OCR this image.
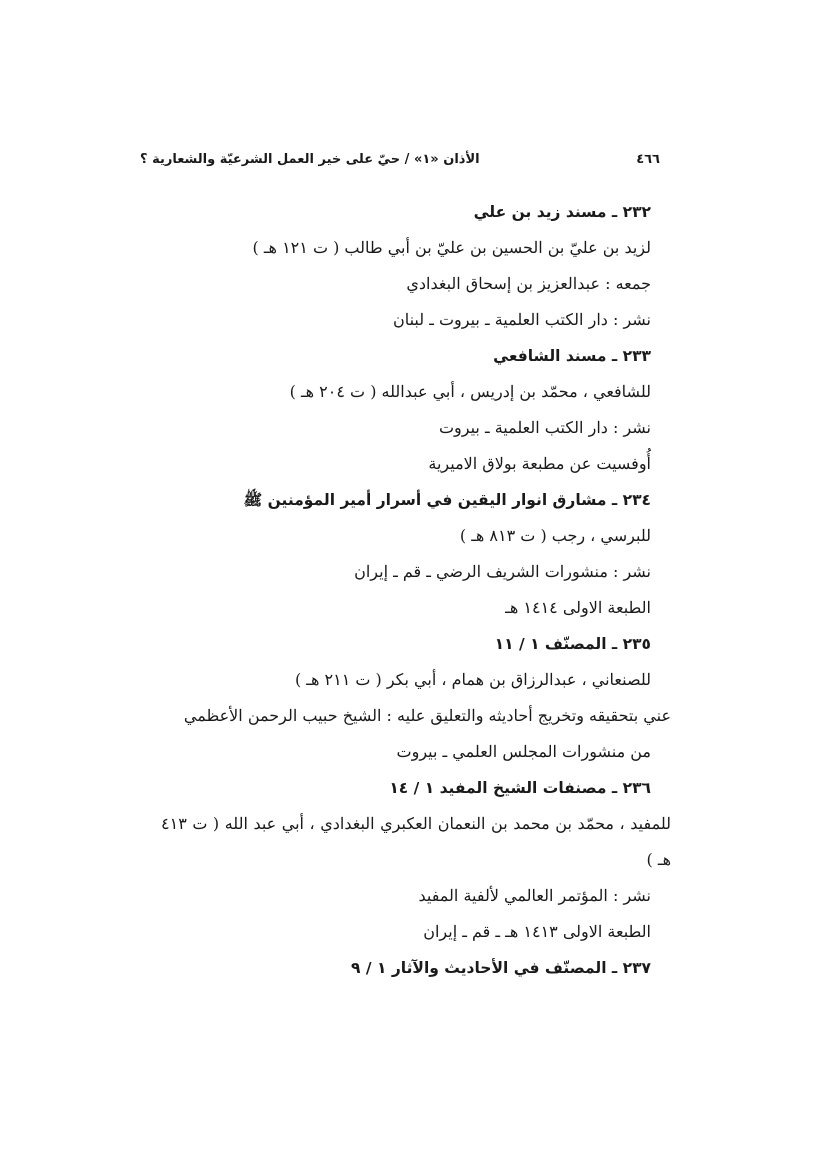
٤٦٦
الأذان «١» / حيّ على خير العمل الشرعيّة والشعارية ؟
٢٣٢ ـ مسند زيد بن علي
لزيد بن عليّ بن الحسين بن عليّ بن أبي طالب ( ت ١٢١ هـ )
جمعه : عبدالعزيز بن إسحاق البغدادي
نشر : دار الكتب العلمية ـ بيروت ـ لبنان
٢٣٣ ـ مسند الشافعي
للشافعي ، محمّد بن إدريس ، أبي عبدالله ( ت ٢٠٤ هـ )
نشر : دار الكتب العلمية ـ بيروت
أُوفسيت عن مطبعة بولاق الاميرية
٢٣٤ ـ مشارق انوار اليقين في أسرار أمير المؤمنين ﷺ
للبرسي ، رجب ( ت ٨١٣ هـ )
نشر : منشورات الشريف الرضي ـ قم ـ إيران
الطبعة الاولى ١٤١٤ هـ
٢٣٥ ـ المصنّف ١ / ١١
للصنعاني ، عبدالرزاق بن همام ، أبي بكر ( ت ٢١١ هـ )
عني بتحقيقه وتخريج أحاديثه والتعليق عليه : الشيخ حبيب الرحمن الأعظمي
من منشورات المجلس العلمي ـ بيروت
٢٣٦ ـ مصنفات الشيخ المفيد ١ / ١٤
للمفيد ، محمّد بن محمد بن النعمان العكبري البغدادي ، أبي عبد الله ( ت ٤١٣ هـ )
نشر : المؤتمر العالمي لألفية المفيد
الطبعة الاولى ١٤١٣ هـ ـ قم ـ إيران
٢٣٧ ـ المصنّف في الأحاديث والآثار ١ / ٩
